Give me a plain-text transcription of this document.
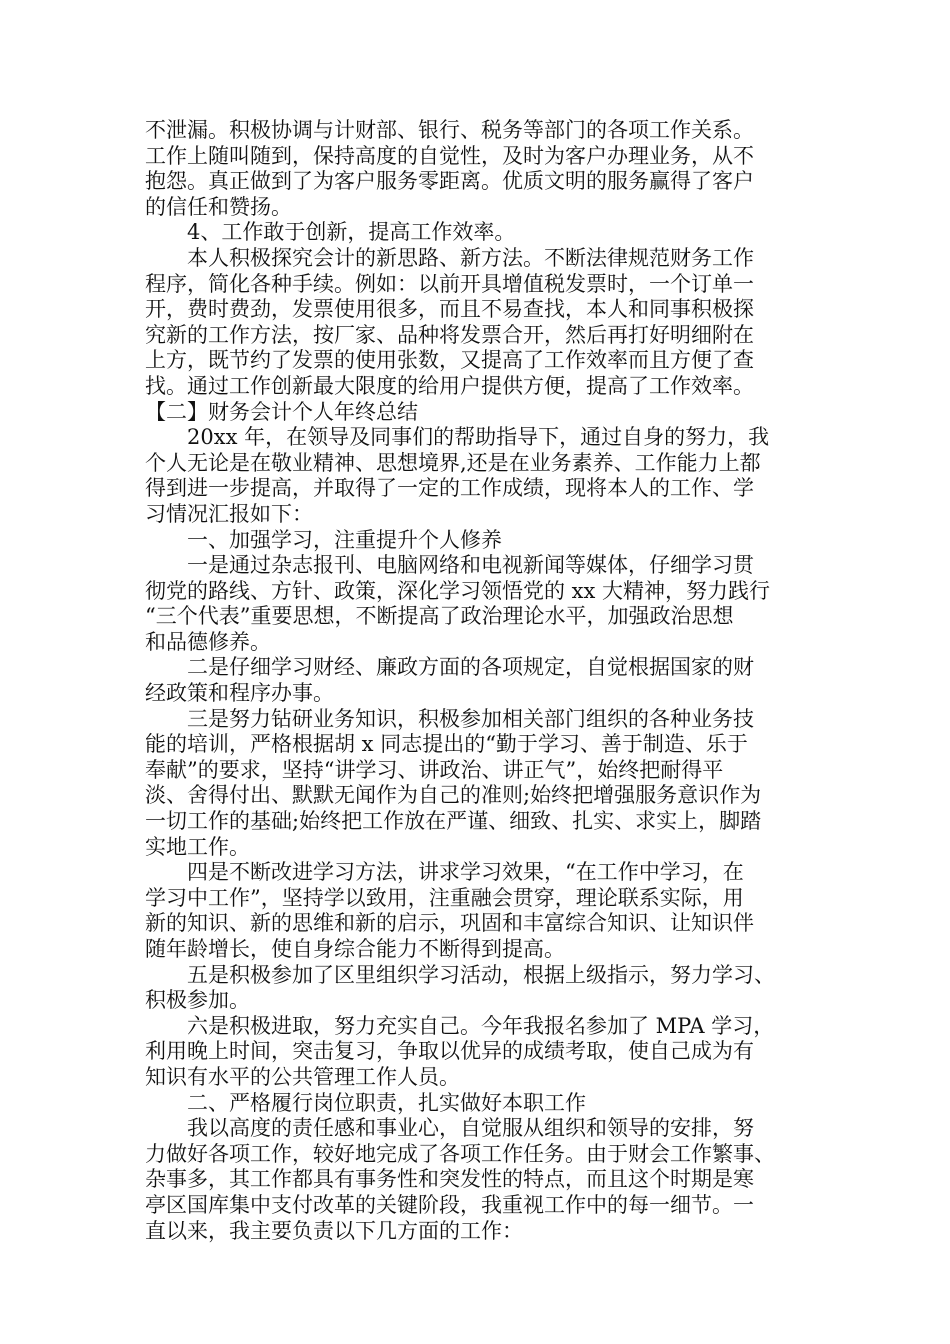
不泄漏。积极协调与计财部、银行、税务等部门的各项工作关系。
工作上随叫随到，保持高度的自觉性，及时为客户办理业务，从不
抱怨。真正做到了为客户服务零距离。优质文明的服务赢得了客户
的信任和赞扬。
　　4、工作敢于创新，提高工作效率。
　　本人积极探究会计的新思路、新方法。不断法律规范财务工作
程序，简化各种手续。例如：以前开具增值税发票时，一个订单一
开，费时费劲，发票使用很多，而且不易查找，本人和同事积极探
究新的工作方法，按厂家、品种将发票合开，然后再打好明细附在
上方，既节约了发票的使用张数，又提高了工作效率而且方便了查
找。通过工作创新最大限度的给用户提供方便，提高了工作效率。
【二】财务会计个人年终总结
　　20xx 年，在领导及同事们的帮助指导下，通过自身的努力，我
个人无论是在敬业精神、思想境界,还是在业务素养、工作能力上都
得到进一步提高，并取得了一定的工作成绩，现将本人的工作、学
习情况汇报如下：
　　一、加强学习，注重提升个人修养
　　一是通过杂志报刊、电脑网络和电视新闻等媒体，仔细学习贯
彻党的路线、方针、政策，深化学习领悟党的 xx 大精神，努力践行
“三个代表”重要思想，不断提高了政治理论水平，加强政治思想
和品德修养。
　　二是仔细学习财经、廉政方面的各项规定，自觉根据国家的财
经政策和程序办事。
　　三是努力钻研业务知识，积极参加相关部门组织的各种业务技
能的培训，严格根据胡 x 同志提出的“勤于学习、善于制造、乐于
奉献”的要求，坚持“讲学习、讲政治、讲正气”，始终把耐得平
淡、舍得付出、默默无闻作为自己的准则;始终把增强服务意识作为
一切工作的基础;始终把工作放在严谨、细致、扎实、求实上，脚踏
实地工作。
　　四是不断改进学习方法，讲求学习效果，“在工作中学习，在
学习中工作”，坚持学以致用，注重融会贯穿，理论联系实际，用
新的知识、新的思维和新的启示，巩固和丰富综合知识、让知识伴
随年龄增长，使自身综合能力不断得到提高。
　　五是积极参加了区里组织学习活动，根据上级指示，努力学习、
积极参加。
　　六是积极进取，努力充实自己。今年我报名参加了 MPA 学习，
利用晚上时间，突击复习，争取以优异的成绩考取，使自己成为有
知识有水平的公共管理工作人员。
　　二、严格履行岗位职责，扎实做好本职工作
　　我以高度的责任感和事业心，自觉服从组织和领导的安排，努
力做好各项工作，较好地完成了各项工作任务。由于财会工作繁事、
杂事多，其工作都具有事务性和突发性的特点，而且这个时期是寒
亭区国库集中支付改革的关键阶段，我重视工作中的每一细节。一
直以来，我主要负责以下几方面的工作：
